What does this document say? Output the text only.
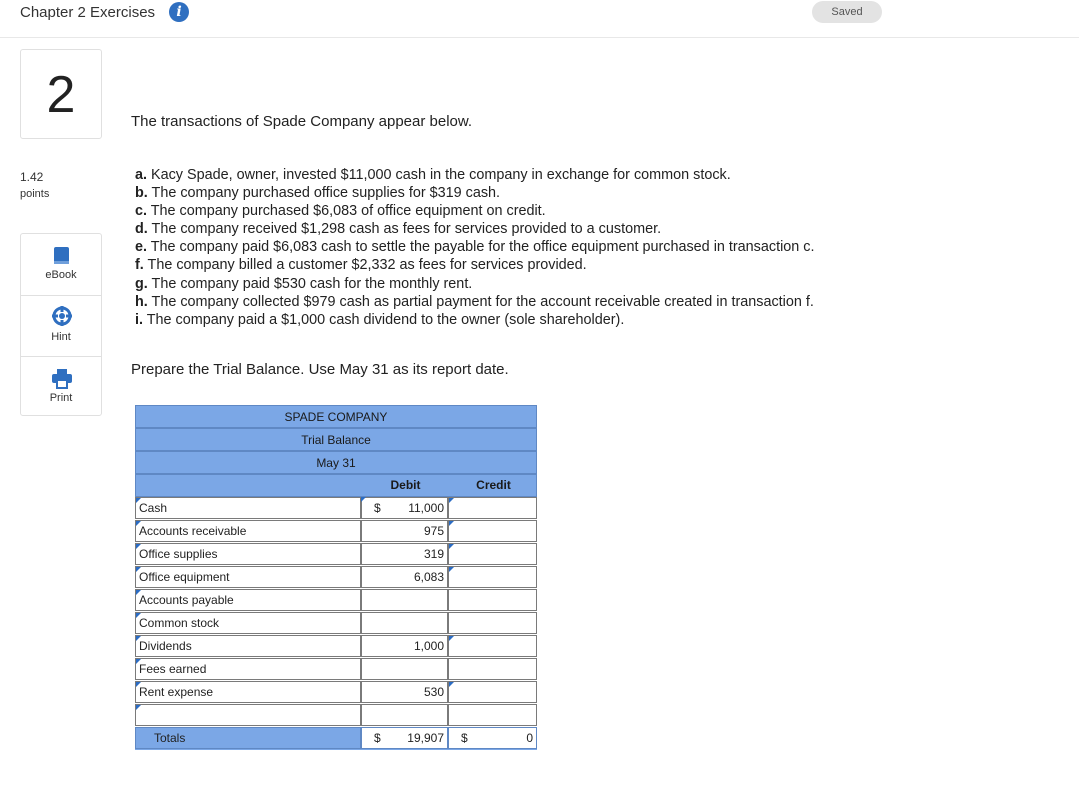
Chapter 2 Exercises	i	Saved
2
1.42
points
eBook
Hint
Print
The transactions of Spade Company appear below.
a. Kacy Spade, owner, invested $11,000 cash in the company in exchange for common stock.
b. The company purchased office supplies for $319 cash.
c. The company purchased $6,083 of office equipment on credit.
d. The company received $1,298 cash as fees for services provided to a customer.
e. The company paid $6,083 cash to settle the payable for the office equipment purchased in transaction c.
f. The company billed a customer $2,332 as fees for services provided.
g. The company paid $530 cash for the monthly rent.
h. The company collected $979 cash as partial payment for the account receivable created in transaction f.
i. The company paid a $1,000 cash dividend to the owner (sole shareholder).
Prepare the Trial Balance. Use May 31 as its report date.
SPADE COMPANY
Trial Balance
May 31
Debit	Credit
Cash	$ 11,000
Accounts receivable	975
Office supplies	319
Office equipment	6,083
Accounts payable
Common stock
Dividends	1,000
Fees earned
Rent expense	530
Totals	$ 19,907	$	0
